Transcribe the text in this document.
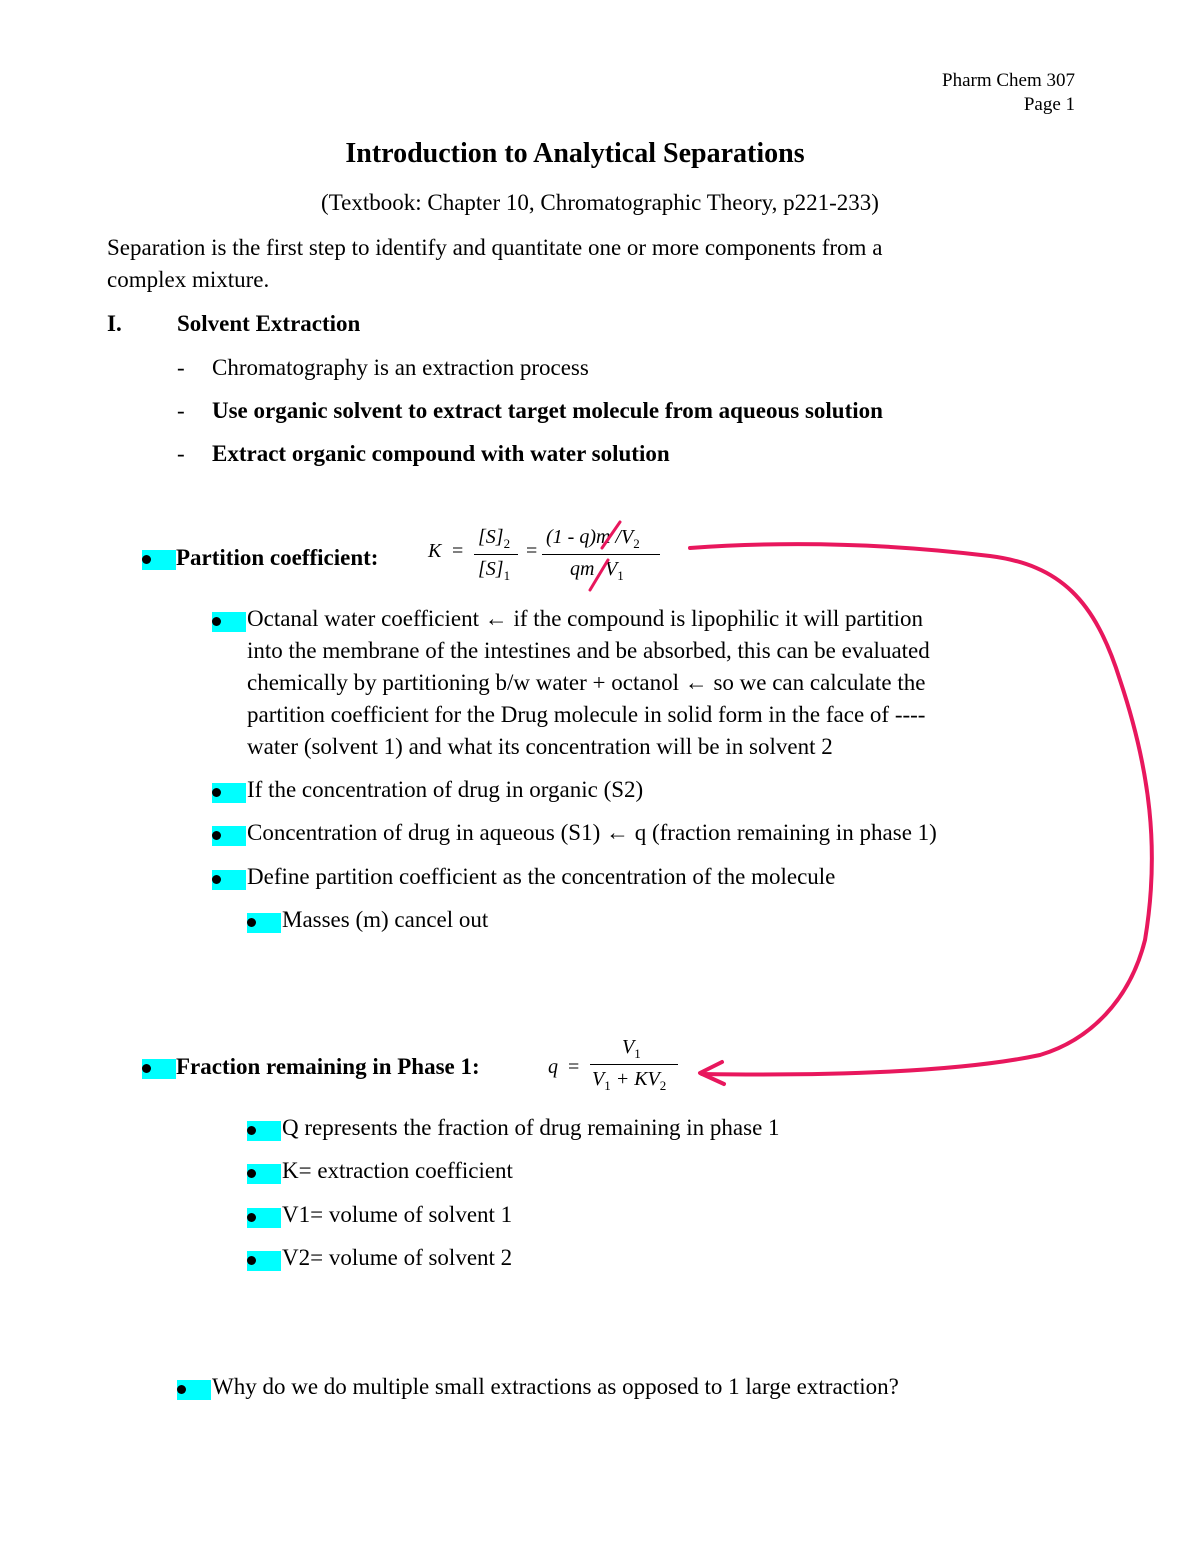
Pharm Chem 307
Page 1
Introduction to Analytical Separations
(Textbook: Chapter 10, Chromatographic Theory, p221-233)
Separation is the first step to identify and quantitate one or more components from a
complex mixture.
I. Solvent Extraction
- Chromatography is an extraction process
- Use organic solvent to extract target molecule from aqueous solution
- Extract organic compound with water solution
Partition coefficient: K =
$[S]_2$
$[S]_1$
=
(1 - q)m $/V_2$
qm $/V_1$
Octanal water coefficient ← if the compound is lipophilic it will partition
into the membrane of the intestines and be absorbed, this can be evaluated
chemically by partitioning b/w water + octanol ← so we can calculate the
partition coefficient for the Drug molecule in solid form in the face of ----
water (solvent 1) and what its concentration will be in solvent 2
If the concentration of drug in organic (S2)
Concentration of drug in aqueous (S1) ← q (fraction remaining in phase 1)
Define partition coefficient as the concentration of the molecule
Masses (m) cancel out
Fraction remaining in Phase 1:	q =
$V_1$
$V_1 + KV_2$
Q represents the fraction of drug remaining in phase 1
K= extraction coefficient
V1= volume of solvent 1
V2= volume of solvent 2
Why do we do multiple small extractions as opposed to 1 large extraction?
